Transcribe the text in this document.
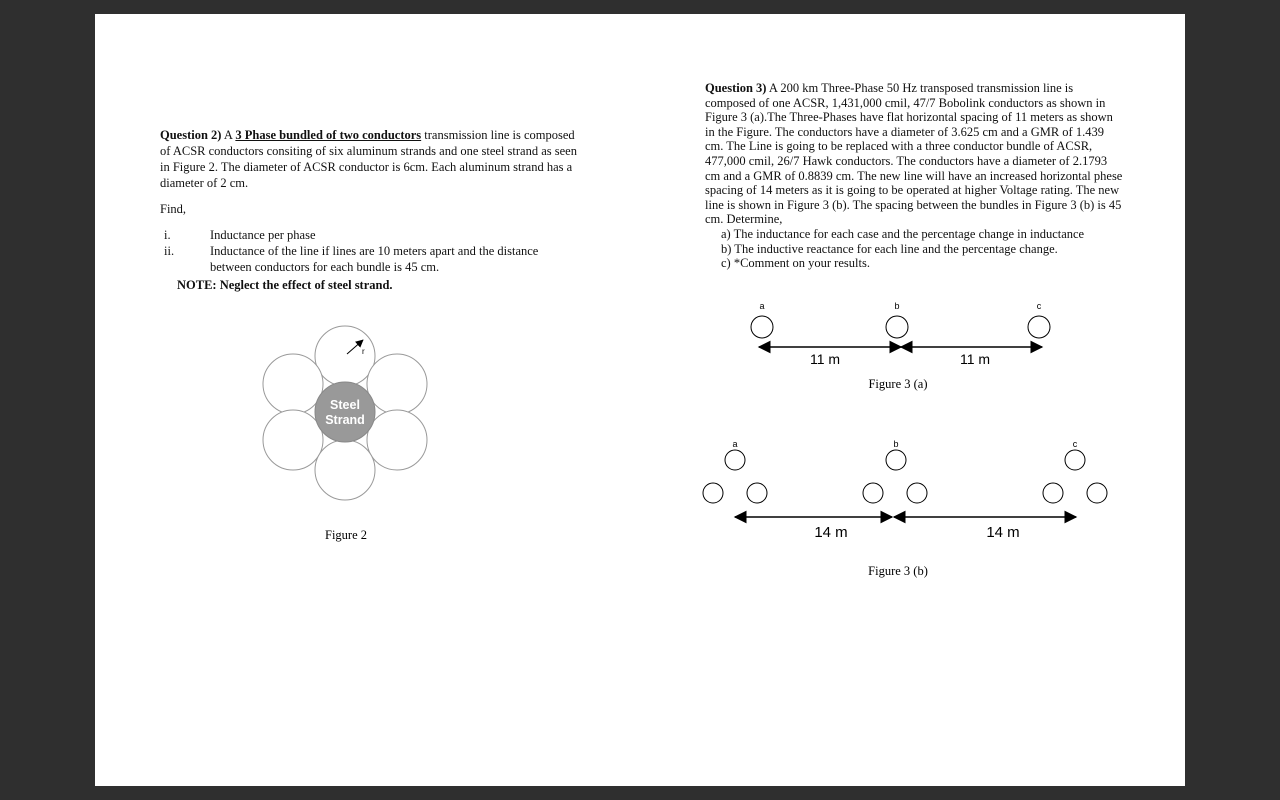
Question 2) A 3 Phase bundled of two conductors transmission line is composed of ACSR conductors consiting of six aluminum strands and one steel strand as seen in Figure 2. The diameter of ACSR conductor is 6cm. Each aluminum strand has a diameter of 2 cm.

Find,

i.	Inductance per phase
ii.	Inductance of the line if lines are 10 meters apart and the distance between conductors for each bundle is 45 cm.

NOTE: Neglect the effect of steel strand.

Question 3) A 200 km Three-Phase 50 Hz transposed transmission line is composed of one ACSR, 1,431,000 cmil, 47/7 Bobolink conductors as shown in Figure 3 (a).The Three-Phases have flat horizontal spacing of 11 meters as shown in the Figure. The conductors have a diameter of 3.625 cm and a GMR of 1.439 cm. The Line is going to be replaced with a three conductor bundle of ACSR, 477,000 cmil, 26/7 Hawk conductors. The conductors have a diameter of 2.1793 cm and a GMR of 0.8839 cm. The new line will have an increased horizontal phese spacing of 14 meters as it is going to be operated at higher Voltage rating. The new line is shown in Figure 3 (b). The spacing between the bundles in Figure 3 (b) is 45 cm. Determine,

a) The inductance for each case and the percentage change in inductance

b) The inductive reactance for each line and the percentage change.

c) *Comment on your results.

r
Steel
Strand
Figure 2
a	b	c
11 m	11 m
Figure 3 (a)
a	b	c
14 m	14 m
Figure 3 (b)
